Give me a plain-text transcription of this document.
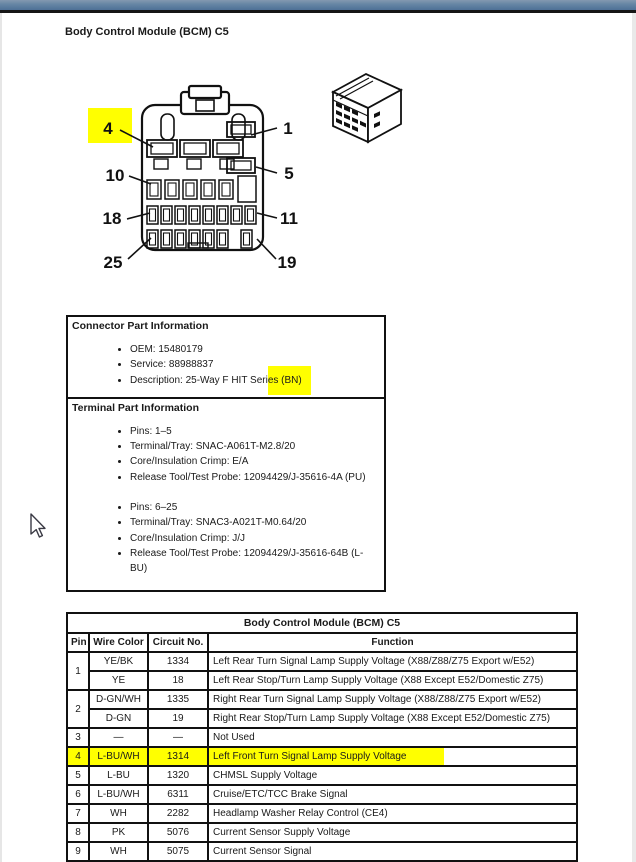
Body Control Module (BCM) C5
4	1
10	5
18	11
25	19
Connector Part Information
• OEM: 15480179
• Service: 88988837
• Description: 25-Way F HIT Series (BN)
Terminal Part Information
• Pins: 1–5
• Terminal/Tray: SNAC-A061T-M2.8/20
• Core/Insulation Crimp: E/A
• Release Tool/Test Probe: 12094429/J-35616-4A (PU)
• Pins: 6–25
• Terminal/Tray: SNAC3-A021T-M0.64/20
• Core/Insulation Crimp: J/J
• Release Tool/Test Probe: 12094429/J-35616-64B (L-BU)
Body Control Module (BCM) C5			
Pin	Wire Color	Circuit No.	Function
1	YE/BK	1334	Left Rear Turn Signal Lamp Supply Voltage (X88/Z88/Z75 Export w/E52)
	YE	18	Left Rear Stop/Turn Lamp Supply Voltage (X88 Except E52/Domestic Z75)
2	D-GN/WH	1335	Right Rear Turn Signal Lamp Supply Voltage (X88/Z88/Z75 Export w/E52)
	D-GN	19	Right Rear Stop/Turn Lamp Supply Voltage (X88 Except E52/Domestic Z75)
3	—	—	Not Used
4	L-BU/WH	1314	Left Front Turn Signal Lamp Supply Voltage
5	L-BU	1320	CHMSL Supply Voltage
6	L-BU/WH	6311	Cruise/ETC/TCC Brake Signal
7	WH	2282	Headlamp Washer Relay Control (CE4)
8	PK	5076	Current Sensor Supply Voltage
9	WH	5075	Current Sensor Signal
